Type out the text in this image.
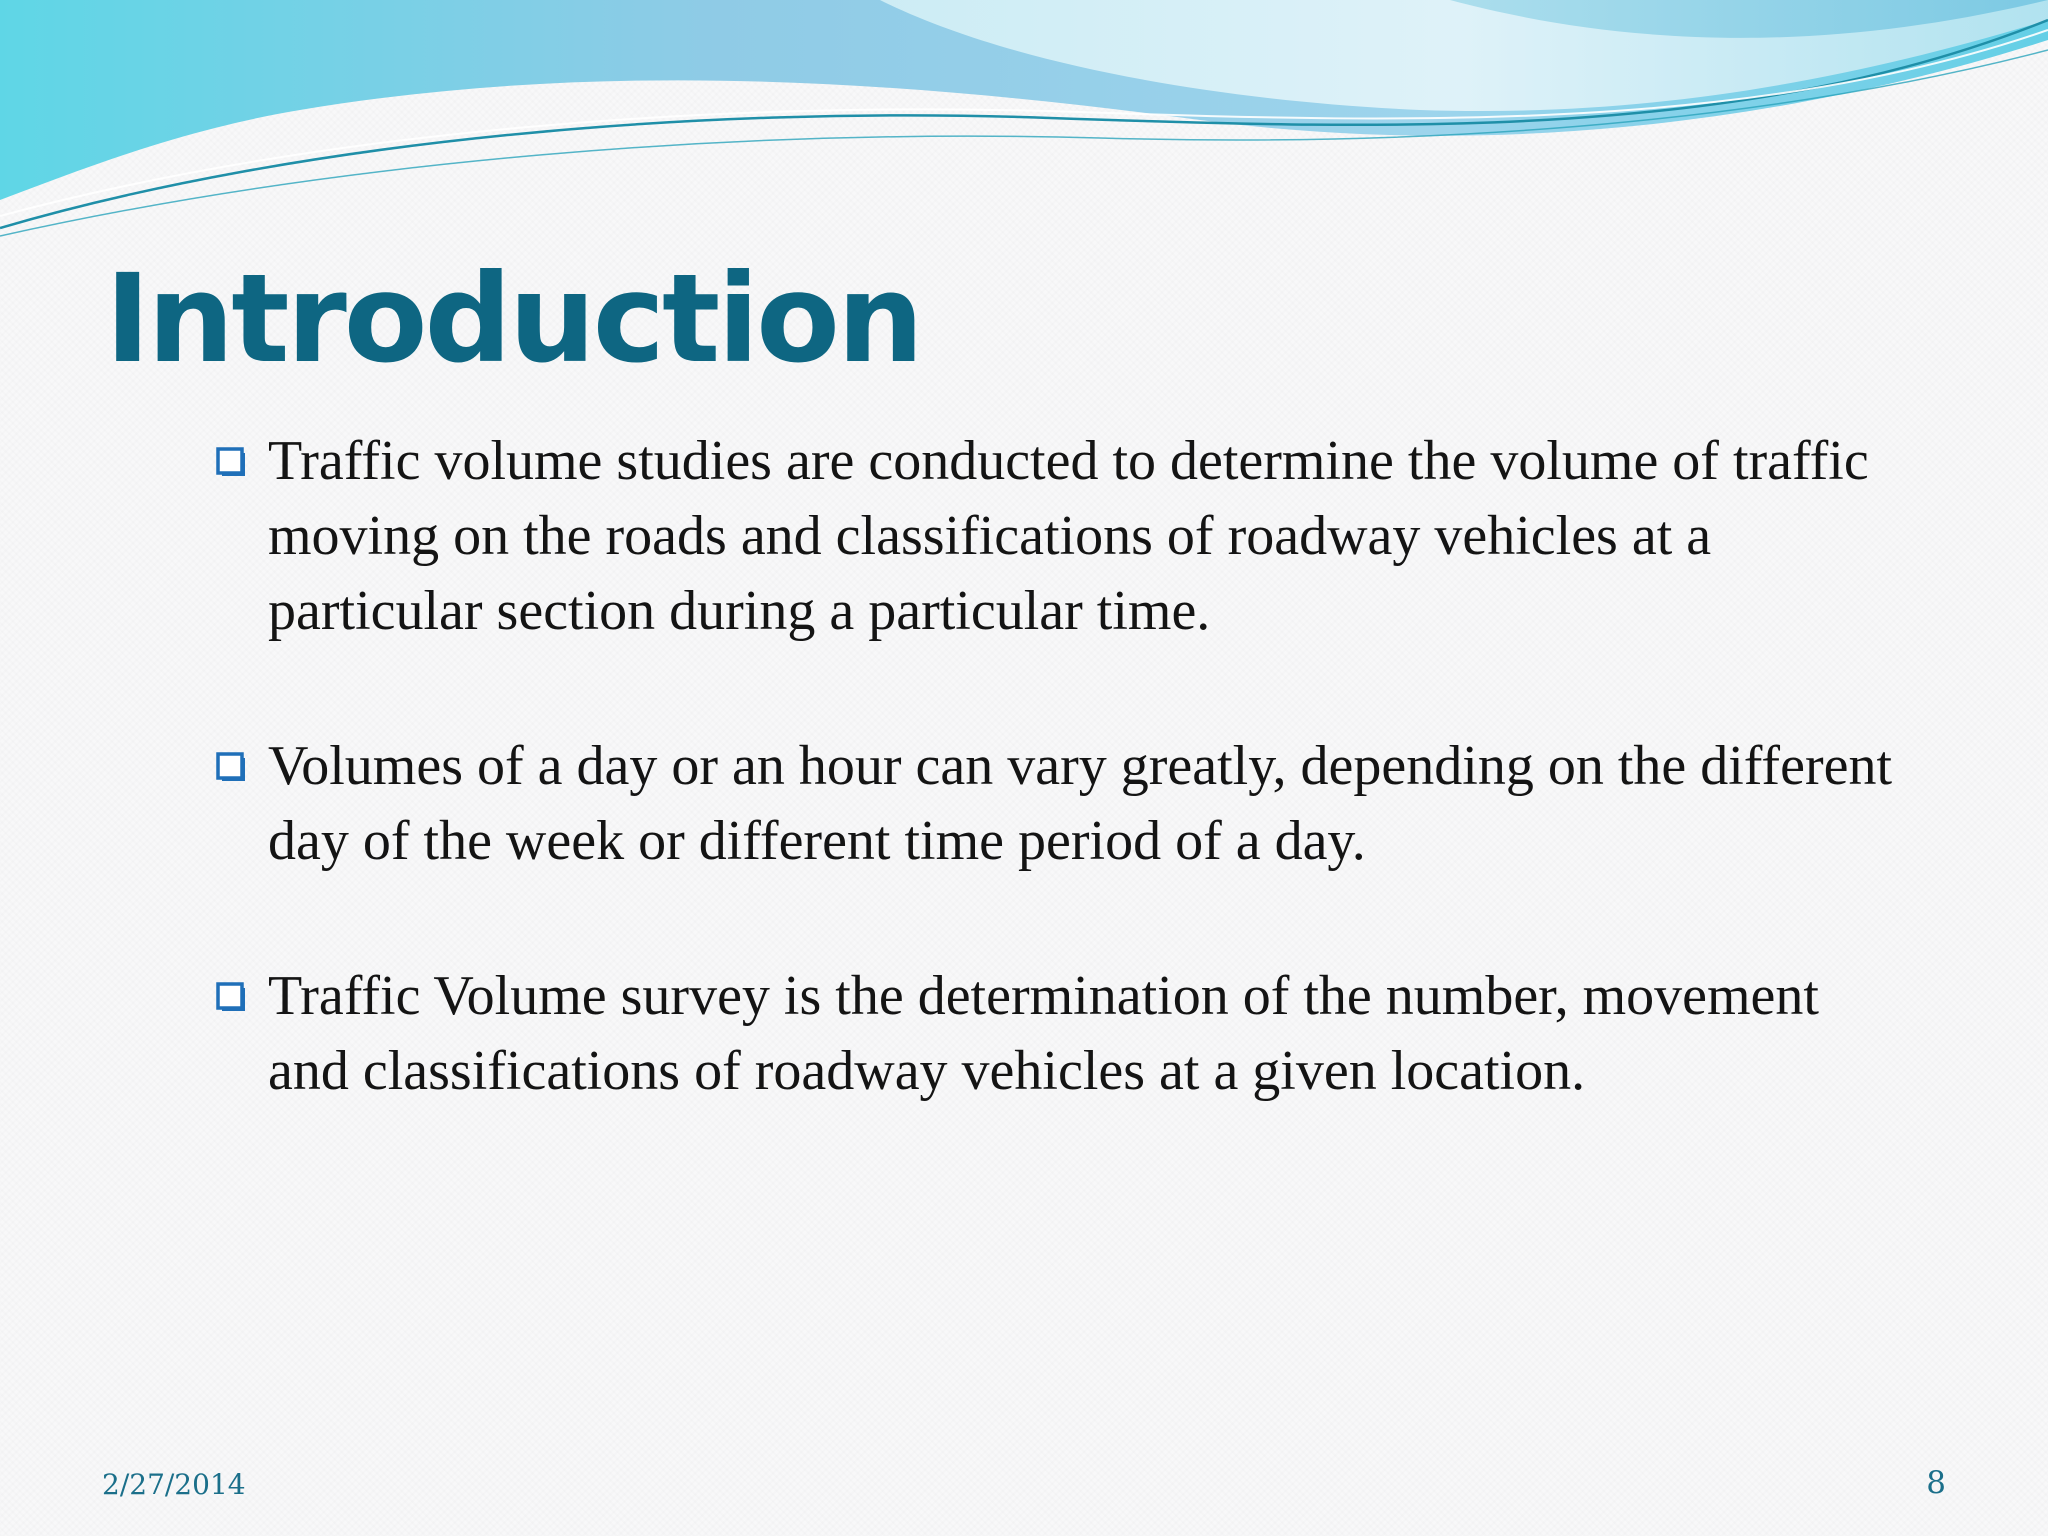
Introduction
Traffic volume studies are conducted to determine the volume of traffic moving on the roads and classifications of roadway vehicles at a particular section during a particular time.
Volumes of a day or an hour can vary greatly, depending on the different day of the week or different time period of a day.
Traffic Volume survey is the determination of the number, movement and classifications of roadway vehicles at a given location.
2/27/2014	8
